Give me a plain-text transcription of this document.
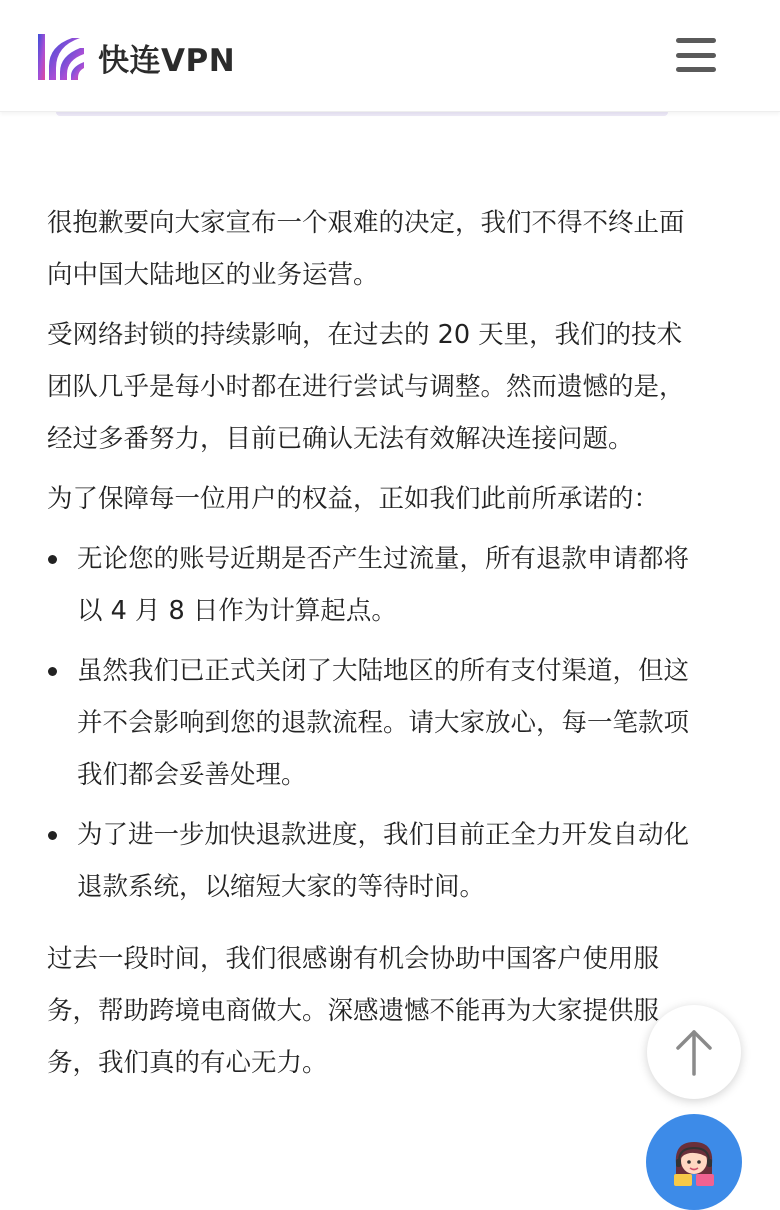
快连VPN

很抱歉要向大家宣布一个艰难的决定，我们不得不终止面向中国大陆地区的业务运营。

受网络封锁的持续影响，在过去的 20 天里，我们的技术团队几乎是每小时都在进行尝试与调整。然而遗憾的是，经过多番努力，目前已确认无法有效解决连接问题。

为了保障每一位用户的权益，正如我们此前所承诺的：

无论您的账号近期是否产生过流量，所有退款申请都将以 4 月 8 日作为计算起点。
虽然我们已正式关闭了大陆地区的所有支付渠道，但这并不会影响到您的退款流程。请大家放心，每一笔款项我们都会妥善处理。
为了进一步加快退款进度，我们目前正全力开发自动化退款系统，以缩短大家的等待时间。

过去一段时间，我们很感谢有机会协助中国客户使用服务，帮助跨境电商做大。深感遗憾不能再为大家提供服务，我们真的有心无力。
